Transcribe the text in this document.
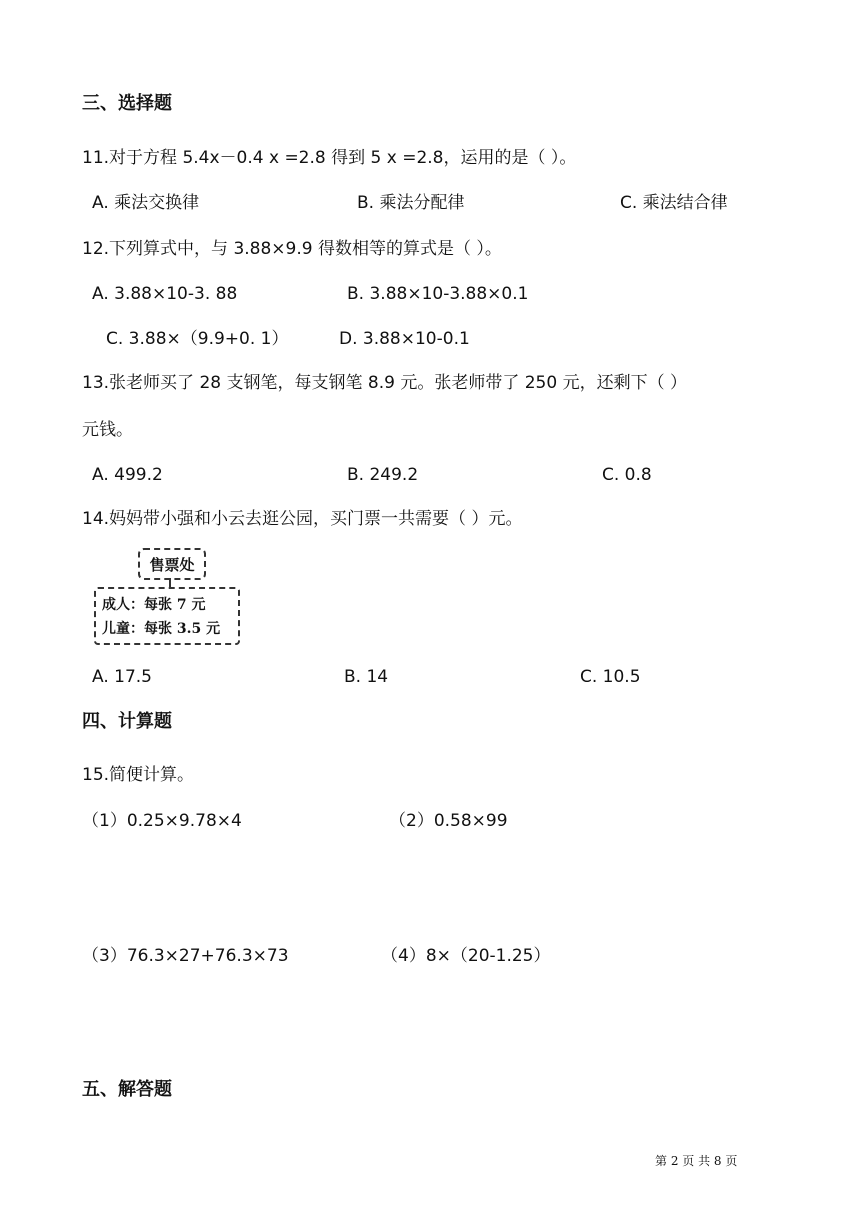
三、选择题
11.对于方程 5.4x－0.4 x =2.8 得到 5 x =2.8，运用的是（ ）。
A. 乘法交换律	B. 乘法分配律	C. 乘法结合律
12.下列算式中，与 3.88×9.9 得数相等的算式是（ ）。
A. 3.88×10-3. 88	B. 3.88×10-3.88×0.1
C. 3.88×（9.9+0. 1）	D. 3.88×10-0.1
13.张老师买了 28 支钢笔，每支钢笔 8.9 元。张老师带了 250 元，还剩下（ ）
元钱。
A. 499.2	B. 249.2	C. 0.8
14.妈妈带小强和小云去逛公园，买门票一共需要（ ）元。
售票处
成人：每张 7 元
儿童：每张 3.5 元
A. 17.5	B. 14	C. 10.5
四、计算题
15.简便计算。
（1）0.25×9.78×4	（2）0.58×99
（3）76.3×27+76.3×73	（4）8×（20-1.25）
五、解答题
第 2 页 共 8 页
